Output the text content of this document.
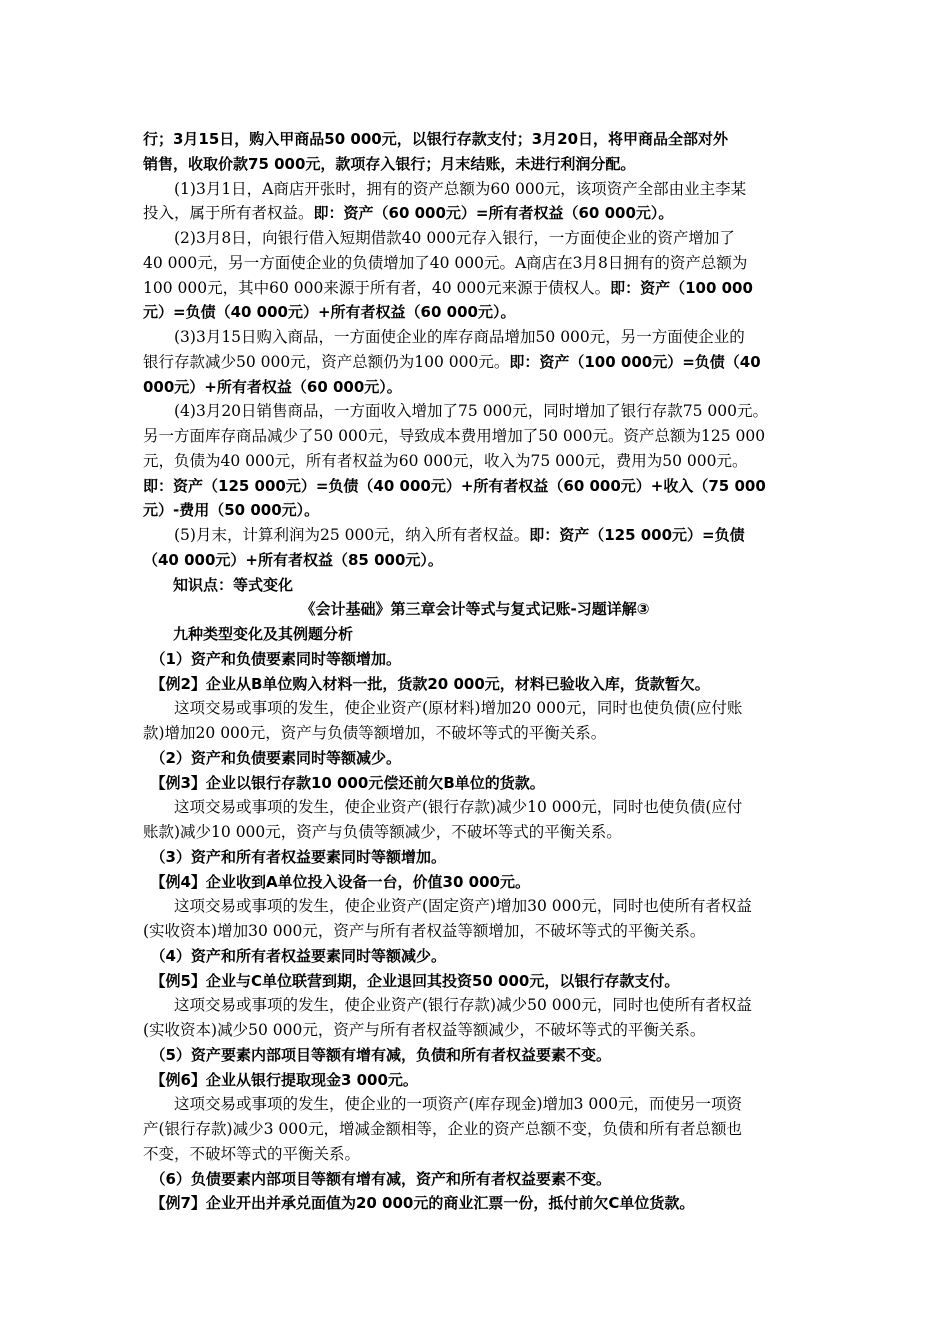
行；3月15日，购入甲商品50 000元，以银行存款支付；3月20日，将甲商品全部对外
销售，收取价款75 000元，款项存入银行；月末结账，未进行利润分配。
　　(1)3月1日，A商店开张时，拥有的资产总额为60 000元，该项资产全部由业主李某
投入，属于所有者权益。即：资产（60 000元）=所有者权益（60 000元）。
　　(2)3月8日，向银行借入短期借款40 000元存入银行，一方面使企业的资产增加了
40 000元，另一方面使企业的负债增加了40 000元。A商店在3月8日拥有的资产总额为
100 000元，其中60 000来源于所有者，40 000元来源于债权人。即：资产（100 000
元）=负债（40 000元）+所有者权益（60 000元）。
　　(3)3月15日购入商品，一方面使企业的库存商品增加50 000元，另一方面使企业的
银行存款减少50 000元，资产总额仍为100 000元。即：资产（100 000元）=负债（40
000元）+所有者权益（60 000元）。
　　(4)3月20日销售商品，一方面收入增加了75 000元，同时增加了银行存款75 000元。
另一方面库存商品减少了50 000元，导致成本费用增加了50 000元。资产总额为125 000
元，负债为40 000元，所有者权益为60 000元，收入为75 000元，费用为50 000元。
即：资产（125 000元）=负债（40 000元）+所有者权益（60 000元）+收入（75 000
元）-费用（50 000元）。
　　(5)月末，计算利润为25 000元，纳入所有者权益。即：资产（125 000元）=负债
（40 000元）+所有者权益（85 000元）。
　　知识点：等式变化
《会计基础》第三章会计等式与复式记账-习题详解③
　　九种类型变化及其例题分析
　（1）资产和负债要素同时等额增加。
　【例2】企业从B单位购入材料一批，货款20 000元，材料已验收入库，货款暂欠。
　　这项交易或事项的发生，使企业资产(原材料)增加20 000元，同时也使负债(应付账
款)增加20 000元，资产与负债等额增加，不破坏等式的平衡关系。
　（2）资产和负债要素同时等额减少。
　【例3】企业以银行存款10 000元偿还前欠B单位的货款。
　　这项交易或事项的发生，使企业资产(银行存款)减少10 000元，同时也使负债(应付
账款)减少10 000元，资产与负债等额减少，不破坏等式的平衡关系。
　（3）资产和所有者权益要素同时等额增加。
　【例4】企业收到A单位投入设备一台，价值30 000元。
　　这项交易或事项的发生，使企业资产(固定资产)增加30 000元，同时也使所有者权益
(实收资本)增加30 000元，资产与所有者权益等额增加，不破坏等式的平衡关系。
　（4）资产和所有者权益要素同时等额减少。
　【例5】企业与C单位联营到期，企业退回其投资50 000元，以银行存款支付。
　　这项交易或事项的发生，使企业资产(银行存款)减少50 000元，同时也使所有者权益
(实收资本)减少50 000元，资产与所有者权益等额减少，不破坏等式的平衡关系。
　（5）资产要素内部项目等额有增有减，负债和所有者权益要素不变。
　【例6】企业从银行提取现金3 000元。
　　这项交易或事项的发生，使企业的一项资产(库存现金)增加3 000元，而使另一项资
产(银行存款)减少3 000元，增减金额相等，企业的资产总额不变，负债和所有者总额也
不变，不破坏等式的平衡关系。
　（6）负债要素内部项目等额有增有减，资产和所有者权益要素不变。
　【例7】企业开出并承兑面值为20 000元的商业汇票一份，抵付前欠C单位货款。
